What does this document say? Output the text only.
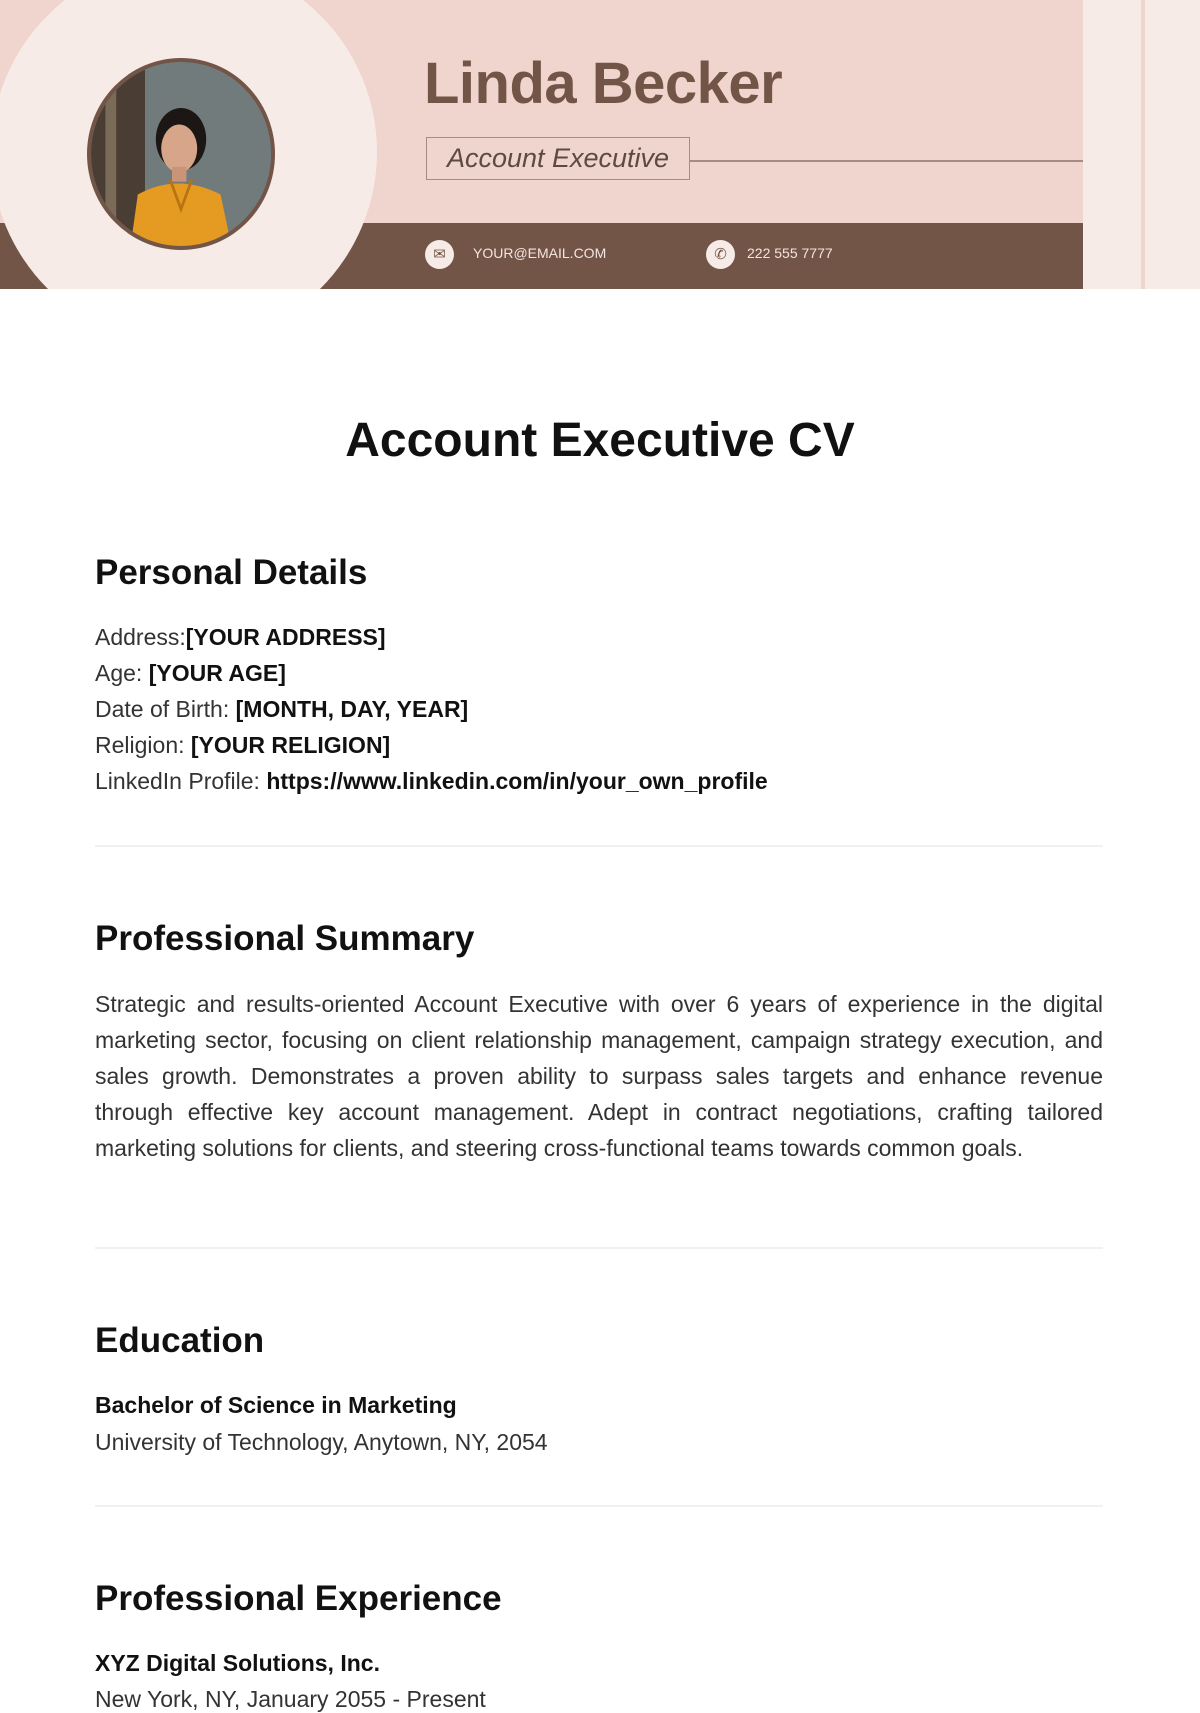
Linda Becker
Account Executive
✉	YOUR@EMAIL.COM	✆	222 555 7777
Account Executive CV
Personal Details
Address:[YOUR ADDRESS]
Age: [YOUR AGE]
Date of Birth: [MONTH, DAY, YEAR]
Religion: [YOUR RELIGION]
LinkedIn Profile: https://www.linkedin.com/in/your_own_profile
Professional Summary
Strategic and results-oriented Account Executive with over 6 years of experience in the digital marketing sector, focusing on client relationship management, campaign strategy execution, and sales growth. Demonstrates a proven ability to surpass sales targets and enhance revenue through effective key account management. Adept in contract negotiations, crafting tailored marketing solutions for clients, and steering cross-functional teams towards common goals.
Education
Bachelor of Science in Marketing
University of Technology, Anytown, NY, 2054
Professional Experience
XYZ Digital Solutions, Inc.
New York, NY, January 2055 - Present
